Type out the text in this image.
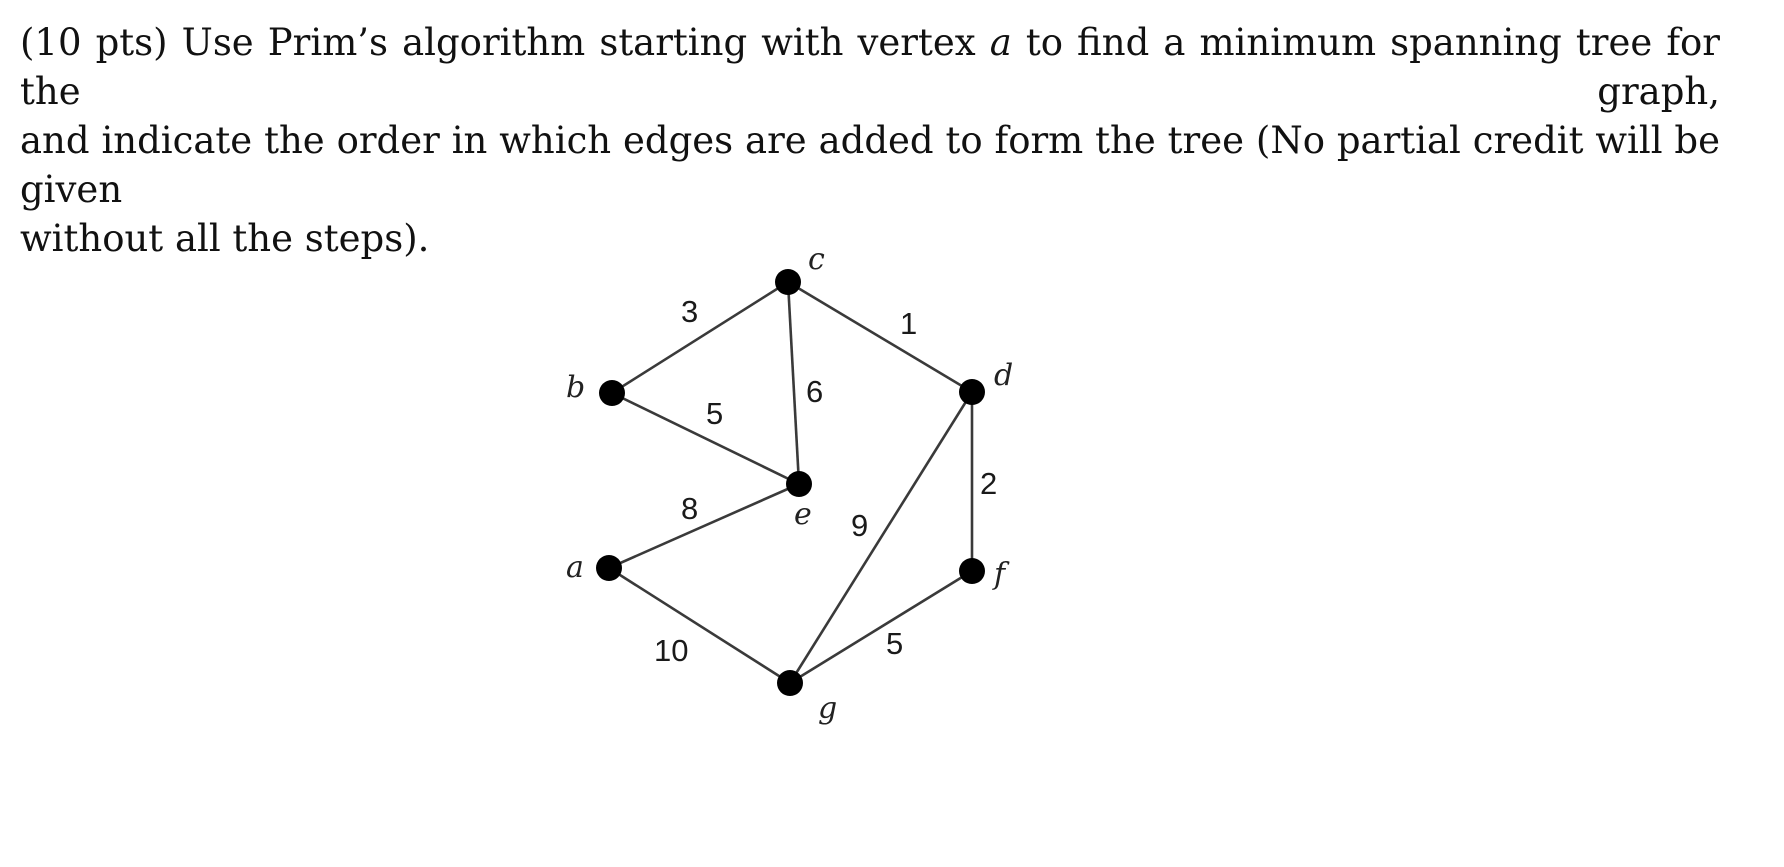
(10 pts) Use Prim’s algorithm starting with vertex a to find a minimum spanning tree for the graph,
and indicate the order in which edges are added to form the tree (No partial credit will be given
without all the steps).
a
b
c
d
e
f
g
3	1
5
6
2
8	9
10	5
